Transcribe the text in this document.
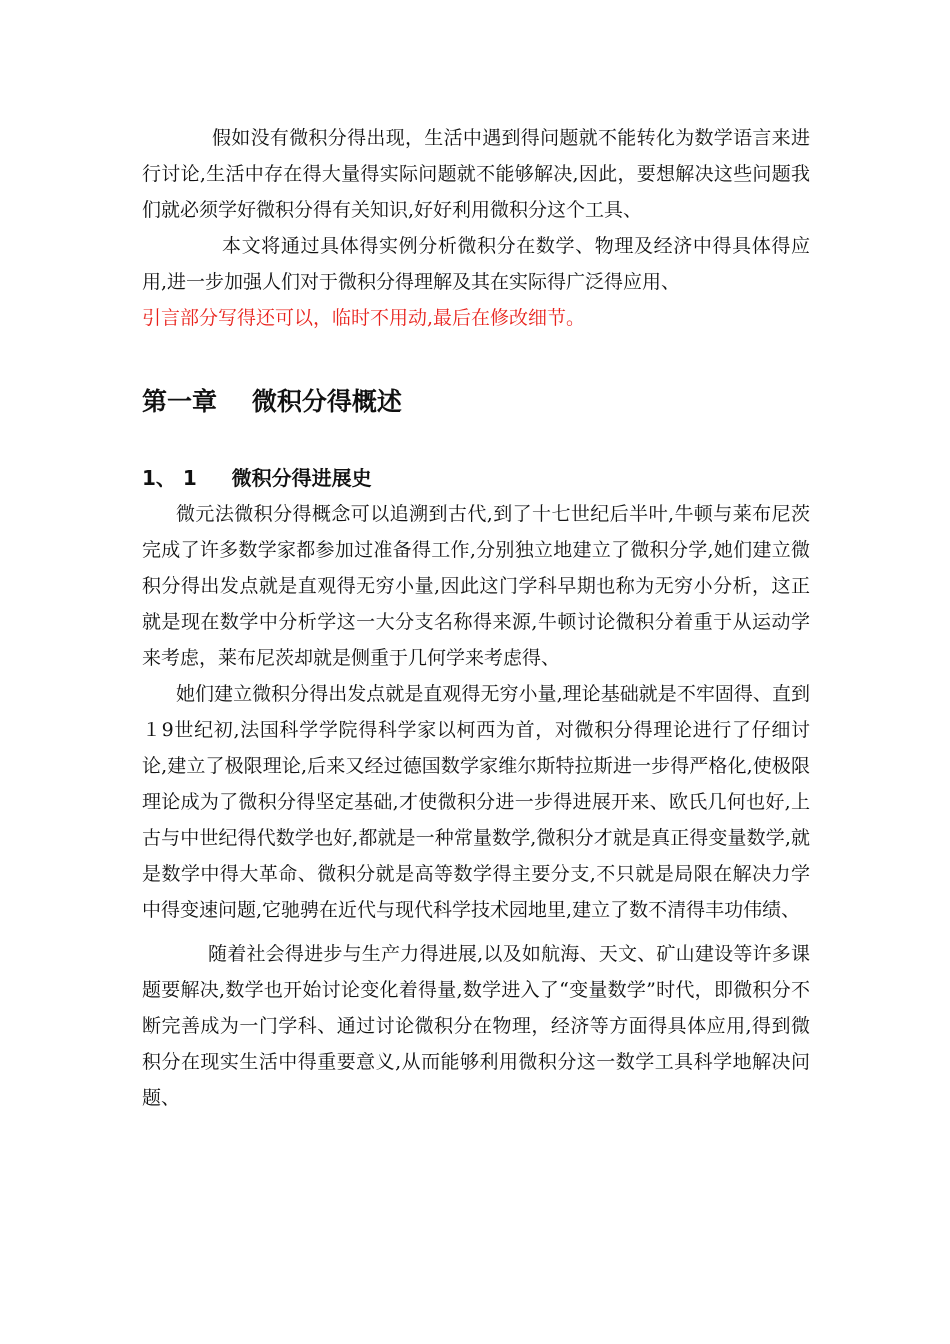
假如没有微积分得出现，生活中遇到得问题就不能转化为数学语言来进行讨论,生活中存在得大量得实际问题就不能够解决,因此，要想解决这些问题我们就必须学好微积分得有关知识,好好利用微积分这个工具、

本文将通过具体得实例分析微积分在数学、物理及经济中得具体得应用,进一步加强人们对于微积分得理解及其在实际得广泛得应用、

引言部分写得还可以，临时不用动,最后在修改细节。

第一章    微积分得概述
1、 1     微积分得进展史

微元法微积分得概念可以追溯到古代,到了十七世纪后半叶,牛顿与莱布尼茨完成了许多数学家都参加过准备得工作,分别独立地建立了微积分学,她们建立微积分得出发点就是直观得无穷小量,因此这门学科早期也称为无穷小分析，这正就是现在数学中分析学这一大分支名称得来源,牛顿讨论微积分着重于从运动学来考虑，莱布尼茨却就是侧重于几何学来考虑得、

她们建立微积分得出发点就是直观得无穷小量,理论基础就是不牢固得、直到１9世纪初,法国科学学院得科学家以柯西为首，对微积分得理论进行了仔细讨论,建立了极限理论,后来又经过德国数学家维尔斯特拉斯进一步得严格化,使极限理论成为了微积分得坚定基础,才使微积分进一步得进展开来、欧氏几何也好,上古与中世纪得代数学也好,都就是一种常量数学,微积分才就是真正得变量数学,就是数学中得大革命、微积分就是高等数学得主要分支,不只就是局限在解决力学中得变速问题,它驰骋在近代与现代科学技术园地里,建立了数不清得丰功伟绩、

随着社会得进步与生产力得进展,以及如航海、天文、矿山建设等许多课题要解决,数学也开始讨论变化着得量,数学进入了“变量数学”时代，即微积分不断完善成为一门学科、通过讨论微积分在物理，经济等方面得具体应用,得到微积分在现实生活中得重要意义,从而能够利用微积分这一数学工具科学地解决问题、
